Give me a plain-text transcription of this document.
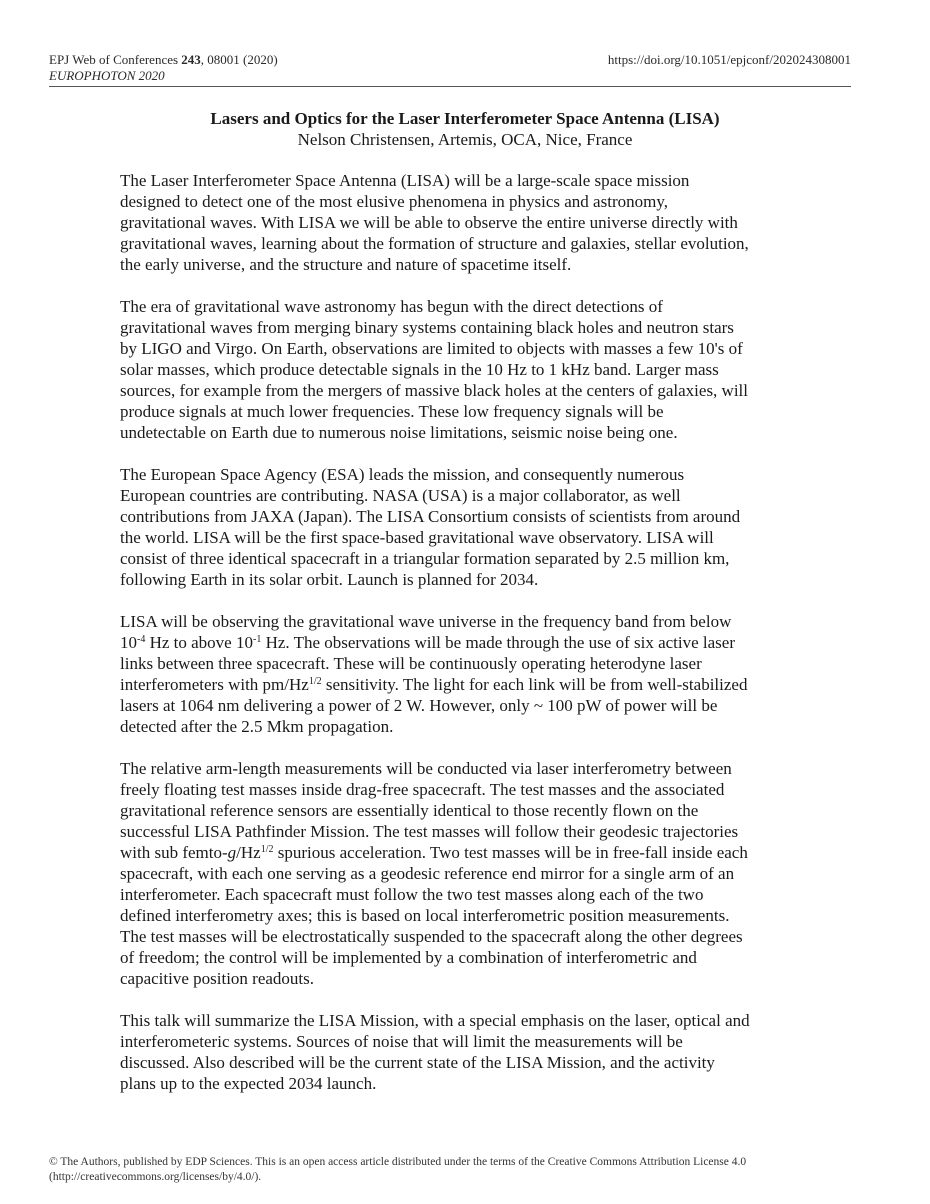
EPJ Web of Conferences 243, 08001 (2020)
EUROPHOTON 2020
https://doi.org/10.1051/epjconf/202024308001
Lasers and Optics for the Laser Interferometer Space Antenna (LISA)
Nelson Christensen, Artemis, OCA, Nice, France

The Laser Interferometer Space Antenna (LISA) will be a large-scale space mission
designed to detect one of the most elusive phenomena in physics and astronomy,
gravitational waves. With LISA we will be able to observe the entire universe directly with
gravitational waves, learning about the formation of structure and galaxies, stellar evolution,
the early universe, and the structure and nature of spacetime itself.

The era of gravitational wave astronomy has begun with the direct detections of
gravitational waves from merging binary systems containing black holes and neutron stars
by LIGO and Virgo. On Earth, observations are limited to objects with masses a few 10's of
solar masses, which produce detectable signals in the 10 Hz to 1 kHz band. Larger mass
sources, for example from the mergers of massive black holes at the centers of galaxies, will
produce signals at much lower frequencies. These low frequency signals will be
undetectable on Earth due to numerous noise limitations, seismic noise being one.

The European Space Agency (ESA) leads the mission, and consequently numerous
European countries are contributing. NASA (USA) is a major collaborator, as well
contributions from JAXA (Japan). The LISA Consortium consists of scientists from around
the world. LISA will be the first space-based gravitational wave observatory. LISA will
consist of three identical spacecraft in a triangular formation separated by 2.5 million km,
following Earth in its solar orbit. Launch is planned for 2034.

LISA will be observing the gravitational wave universe in the frequency band from below
$10^{-4}$ Hz to above $10^{-1}$ Hz. The observations will be made through the use of six active laser
links between three spacecraft. These will be continuously operating heterodyne laser
interferometers with $pm/Hz^{1/2}$ sensitivity. The light for each link will be from well-stabilized
lasers at 1064 nm delivering a power of 2 W. However, only ~ 100 pW of power will be
detected after the 2.5 Mkm propagation.

The relative arm-length measurements will be conducted via laser interferometry between
freely floating test masses inside drag-free spacecraft. The test masses and the associated
gravitational reference sensors are essentially identical to those recently flown on the
successful LISA Pathfinder Mission. The test masses will follow their geodesic trajectories
with sub femto-$g/Hz^{1/2}$ spurious acceleration. Two test masses will be in free-fall inside each
spacecraft, with each one serving as a geodesic reference end mirror for a single arm of an
interferometer. Each spacecraft must follow the two test masses along each of the two
defined interferometry axes; this is based on local interferometric position measurements.
The test masses will be electrostatically suspended to the spacecraft along the other degrees
of freedom; the control will be implemented by a combination of interferometric and
capacitive position readouts.

This talk will summarize the LISA Mission, with a special emphasis on the laser, optical and
interferometeric systems. Sources of noise that will limit the measurements will be
discussed. Also described will be the current state of the LISA Mission, and the activity
plans up to the expected 2034 launch.

© The Authors, published by EDP Sciences. This is an open access article distributed under the terms of the Creative Commons Attribution License 4.0
(http://creativecommons.org/licenses/by/4.0/).
